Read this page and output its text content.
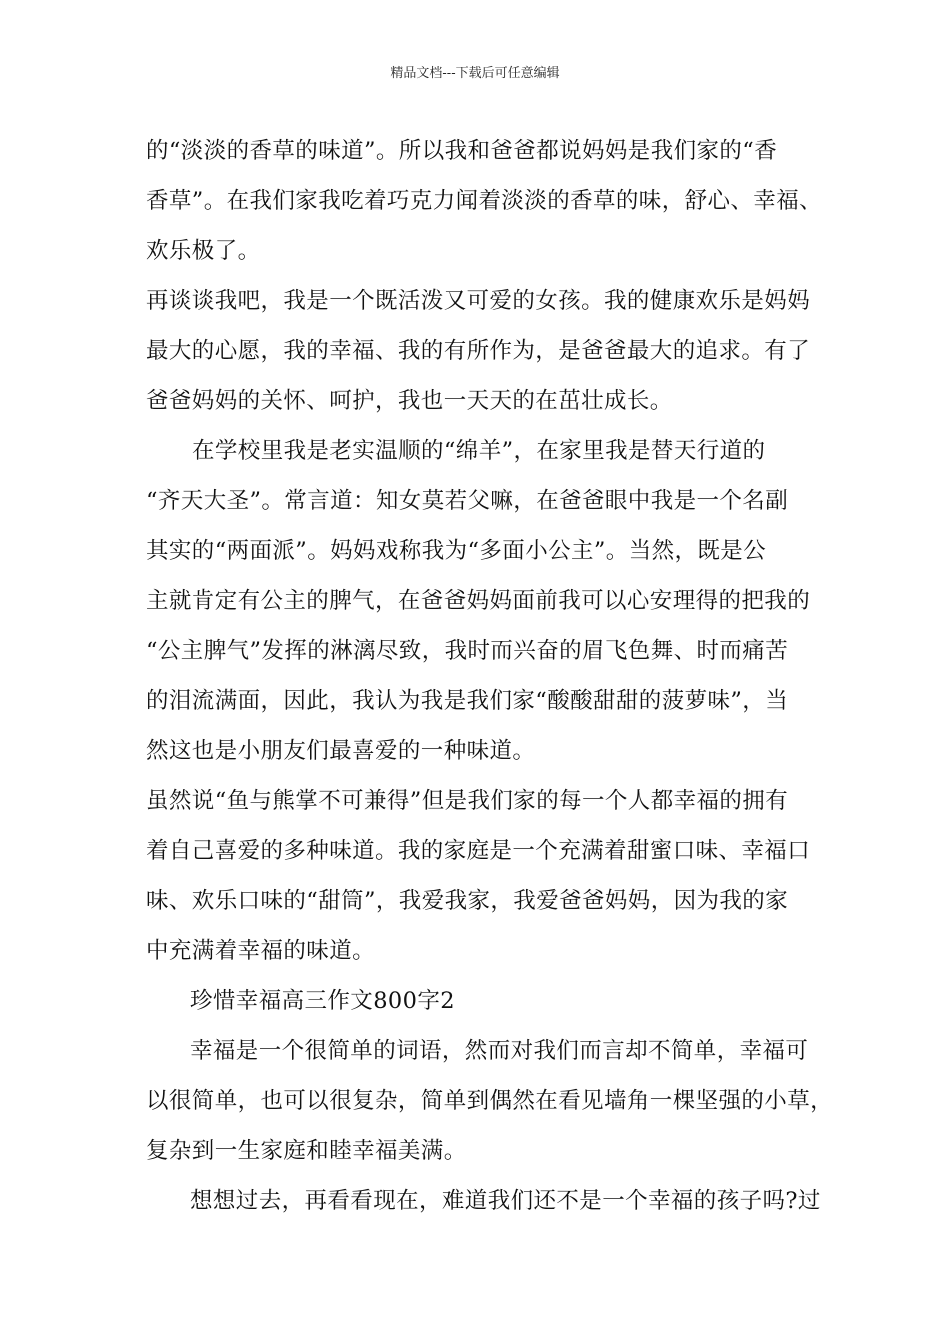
精品文档---下载后可任意编辑
的“淡淡的香草的味道”。所以我和爸爸都说妈妈是我们家的“香
香草”。在我们家我吃着巧克力闻着淡淡的香草的味，舒心、幸福、
欢乐极了。
再谈谈我吧，我是一个既活泼又可爱的女孩。我的健康欢乐是妈妈
最大的心愿，我的幸福、我的有所作为，是爸爸最大的追求。有了
爸爸妈妈的关怀、呵护，我也一天天的在茁壮成长。
在学校里我是老实温顺的“绵羊”，在家里我是替天行道的
“齐天大圣”。常言道：知女莫若父嘛，在爸爸眼中我是一个名副
其实的“两面派”。妈妈戏称我为“多面小公主”。当然，既是公
主就肯定有公主的脾气，在爸爸妈妈面前我可以心安理得的把我的
“公主脾气”发挥的淋漓尽致，我时而兴奋的眉飞色舞、时而痛苦
的泪流满面，因此，我认为我是我们家“酸酸甜甜的菠萝味”，当
然这也是小朋友们最喜爱的一种味道。
虽然说“鱼与熊掌不可兼得”但是我们家的每一个人都幸福的拥有
着自己喜爱的多种味道。我的家庭是一个充满着甜蜜口味、幸福口
味、欢乐口味的“甜筒”，我爱我家，我爱爸爸妈妈，因为我的家
中充满着幸福的味道。
珍惜幸福高三作文800字2
幸福是一个很简单的词语，然而对我们而言却不简单，幸福可
以很简单，也可以很复杂，简单到偶然在看见墙角一棵坚强的小草，
复杂到一生家庭和睦幸福美满。
想想过去，再看看现在，难道我们还不是一个幸福的孩子吗?过
